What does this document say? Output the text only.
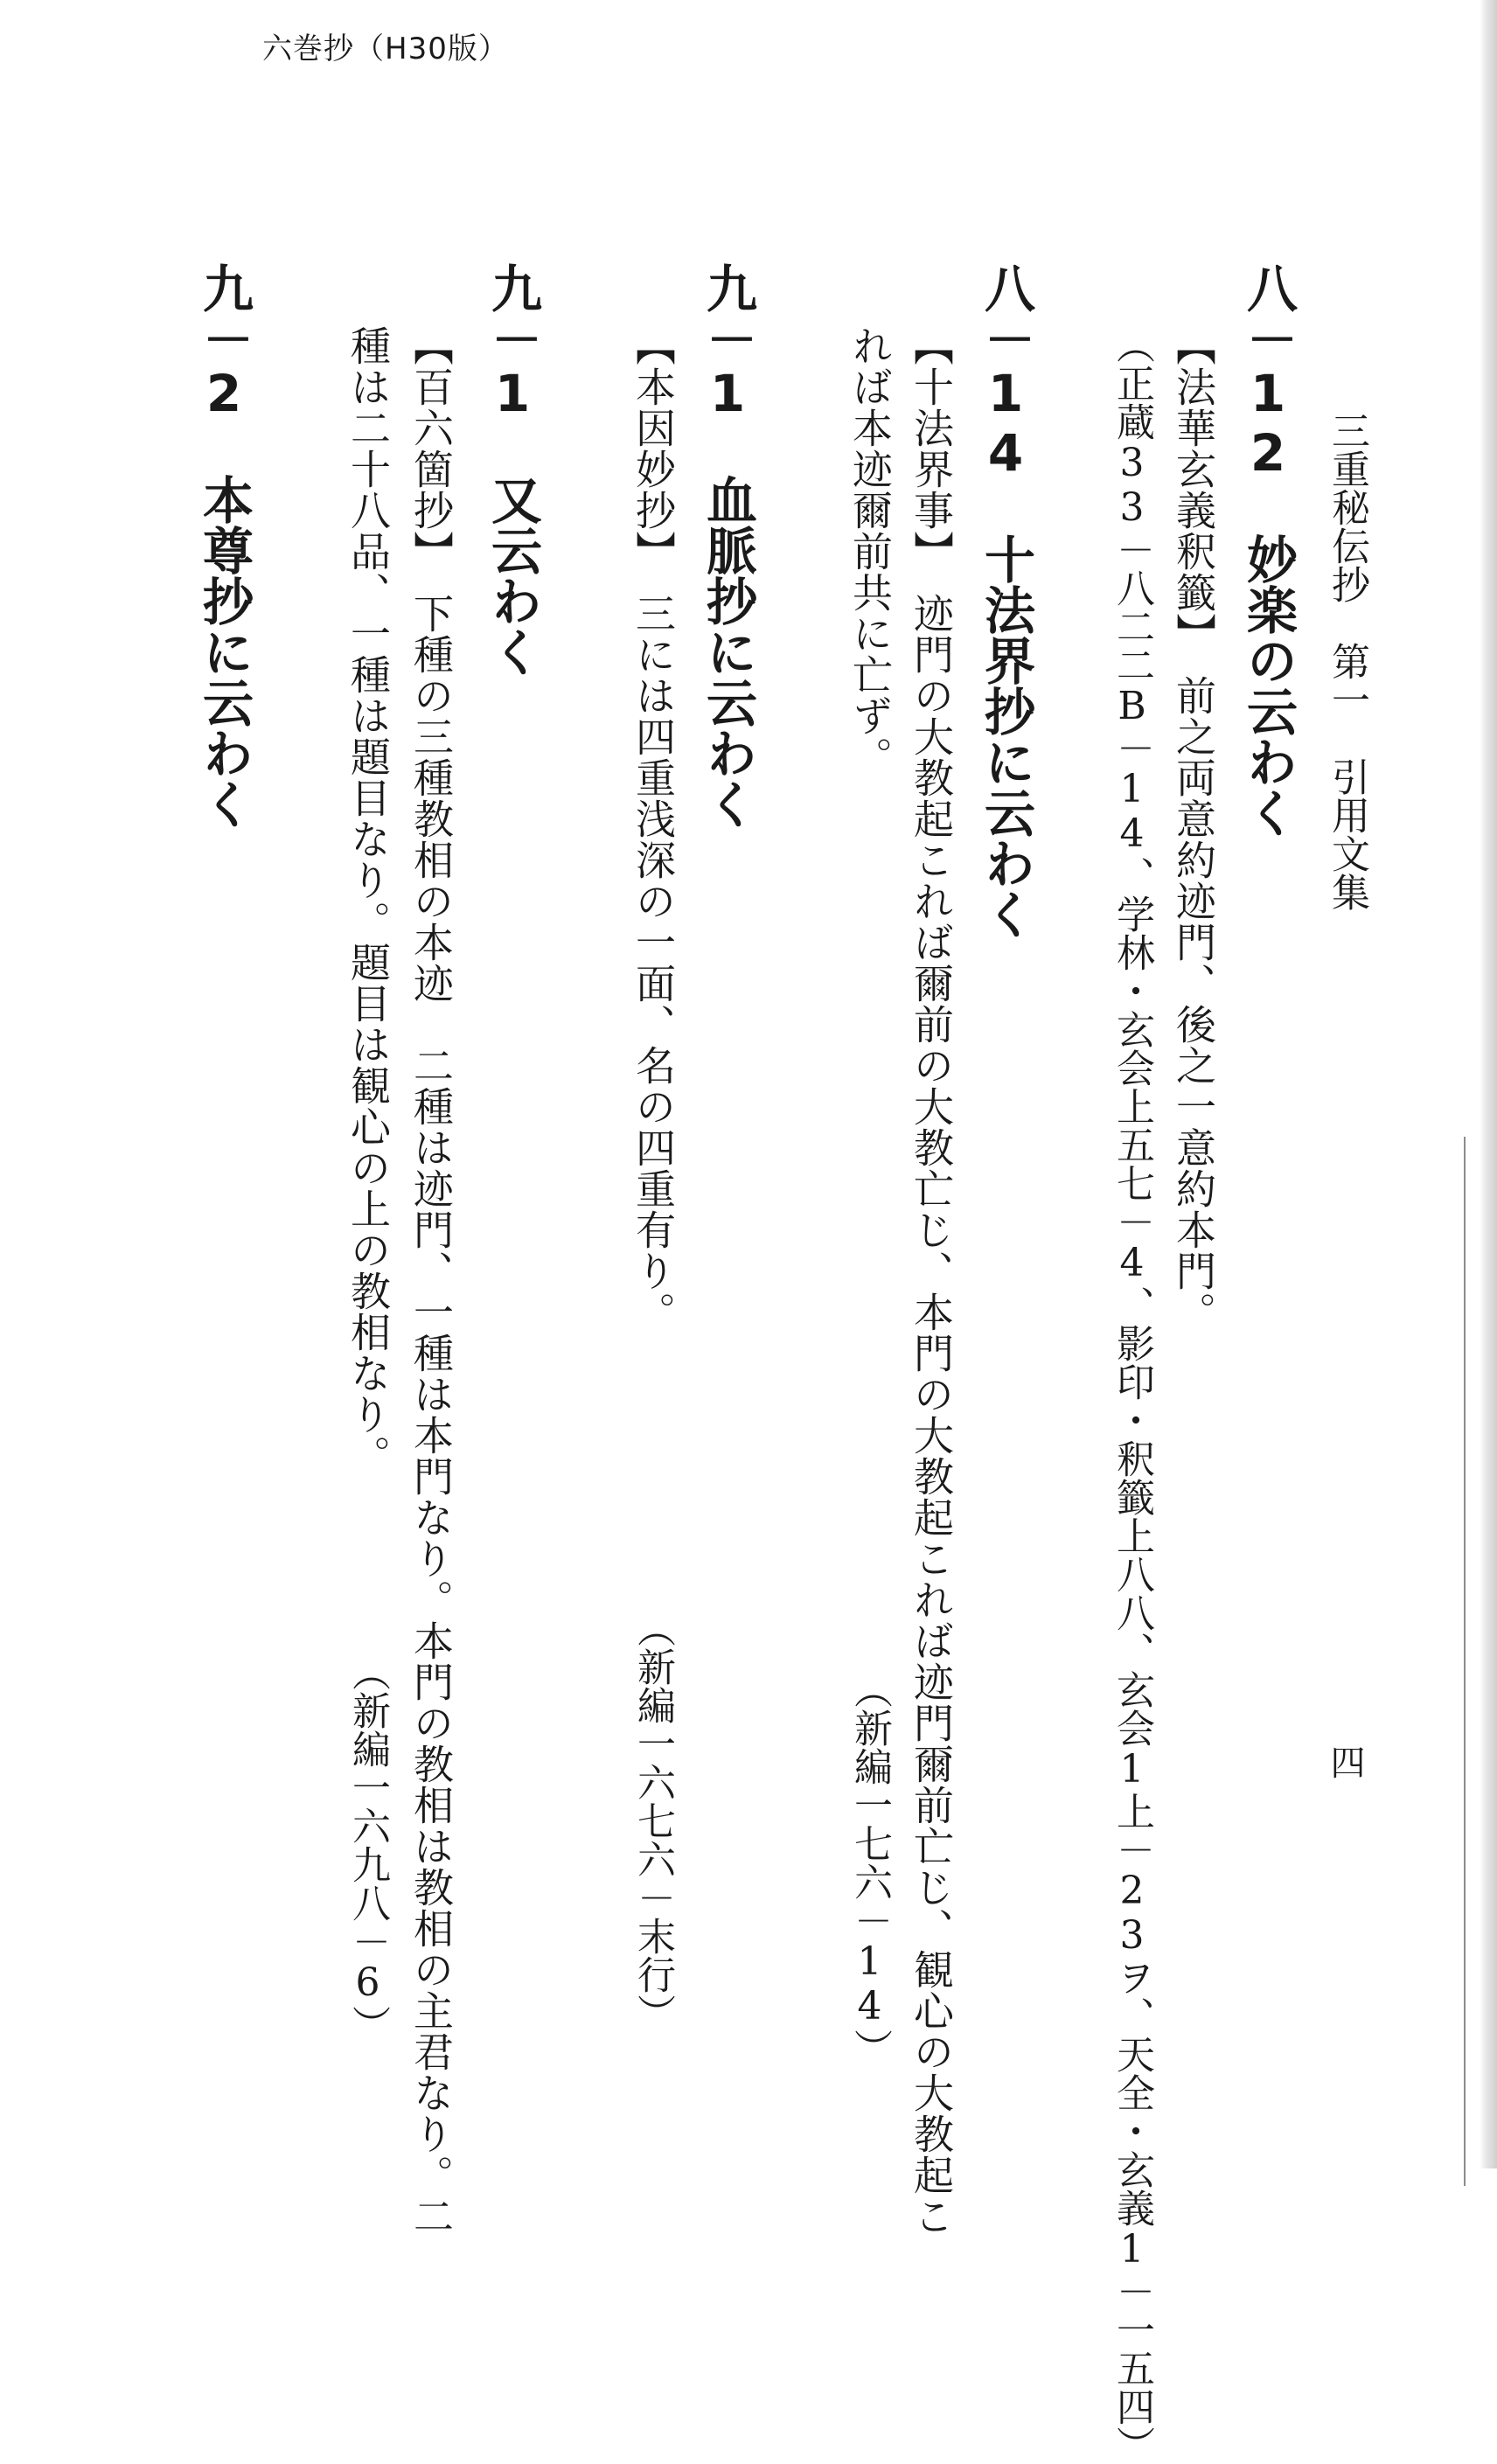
六巻抄（H30版）
三重秘伝抄　第一　引用文集
四
八－12　妙楽の云わく
【法華玄義釈籤】　前之両意約迹門、後之一意約本門。
（正蔵33－八二二B－14、学林・玄会上五七－4、影印・釈籤上八八、玄会1上－23ヲ、天全・玄義1－一五四）
八－14　十法界抄に云わく
【十法界事】　迹門の大教起これば爾前の大教亡じ、本門の大教起これば迹門爾前亡じ、観心の大教起こ
れば本迹爾前共に亡ず。
（新編一七六－14）
九－1　血脈抄に云わく
【本因妙抄】　三には四重浅深の一面、名の四重有り。
（新編一六七六－末行）
九－1　又云わく
【百六箇抄】　下種の三種教相の本迹　二種は迹門、一種は本門なり。本門の教相は教相の主君なり。二
種は二十八品、一種は題目なり。題目は観心の上の教相なり。
（新編一六九八－6）
九－2　本尊抄に云わく
